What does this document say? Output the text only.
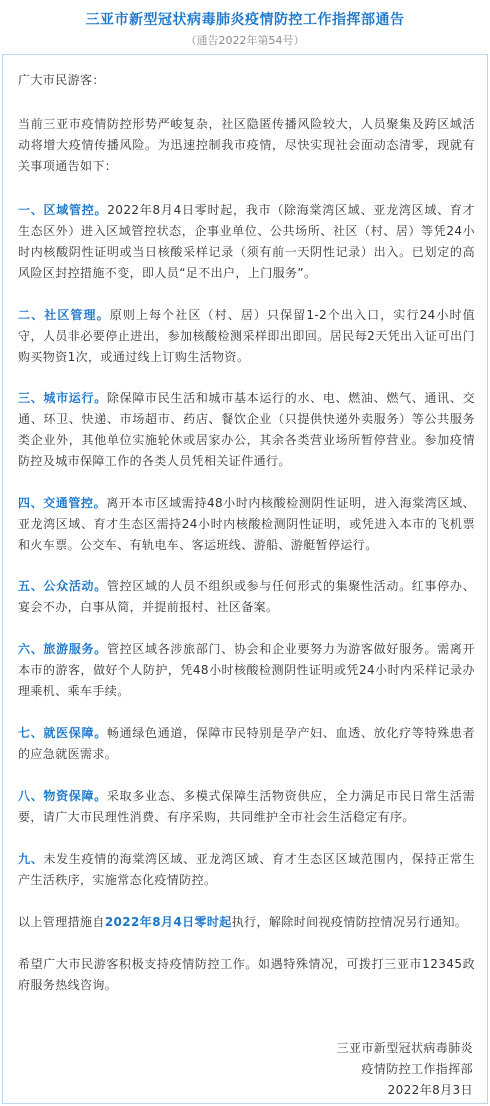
三亚市新型冠状病毒肺炎疫情防控工作指挥部通告
（通告2022年第54号）

广大市民游客：

当前三亚市疫情防控形势严峻复杂，社区隐匿传播风险较大，人员聚集及跨区域活动将增大疫情传播风险。为迅速控制我市疫情，尽快实现社会面动态清零，现就有关事项通告如下：

一、区域管控。2022年8月4日零时起，我市（除海棠湾区域、亚龙湾区域、育才生态区外）进入区域管控状态，企事业单位、公共场所、社区（村、居）等凭24小时内核酸阴性证明或当日核酸采样记录（须有前一天阴性记录）出入。已划定的高风险区封控措施不变，即人员“足不出户，上门服务”。

二、社区管理。原则上每个社区（村、居）只保留1-2个出入口，实行24小时值守，人员非必要停止进出，参加核酸检测采样即出即回。居民每2天凭出入证可出门购买物资1次，或通过线上订购生活物资。

三、城市运行。除保障市民生活和城市基本运行的水、电、燃油、燃气、通讯、交通、环卫、快递、市场超市、药店、餐饮企业（只提供快递外卖服务）等公共服务类企业外，其他单位实施轮休或居家办公，其余各类营业场所暂停营业。参加疫情防控及城市保障工作的各类人员凭相关证件通行。

四、交通管控。离开本市区域需持48小时内核酸检测阴性证明，进入海棠湾区域、亚龙湾区域、育才生态区需持24小时内核酸检测阴性证明，或凭进入本市的飞机票和火车票。公交车、有轨电车、客运班线、游船、游艇暂停运行。

五、公众活动。管控区域的人员不组织或参与任何形式的集聚性活动。红事停办、宴会不办，白事从简，并提前报村、社区备案。

六、旅游服务。管控区域各涉旅部门、协会和企业要努力为游客做好服务。需离开本市的游客，做好个人防护，凭48小时核酸检测阴性证明或凭24小时内采样记录办理乘机、乘车手续。

七、就医保障。畅通绿色通道，保障市民特别是孕产妇、血透、放化疗等特殊患者的应急就医需求。

八、物资保障。采取多业态、多模式保障生活物资供应，全力满足市民日常生活需要，请广大市民理性消费、有序采购，共同维护全市社会生活稳定有序。

九、未发生疫情的海棠湾区域、亚龙湾区域、育才生态区区域范围内，保持正常生产生活秩序，实施常态化疫情防控。

以上管理措施自2022年8月4日零时起执行，解除时间视疫情防控情况另行通知。

希望广大市民游客积极支持疫情防控工作。如遇特殊情况，可拨打三亚市12345政府服务热线咨询。

三亚市新型冠状病毒肺炎
疫情防控工作指挥部
2022年8月3日
